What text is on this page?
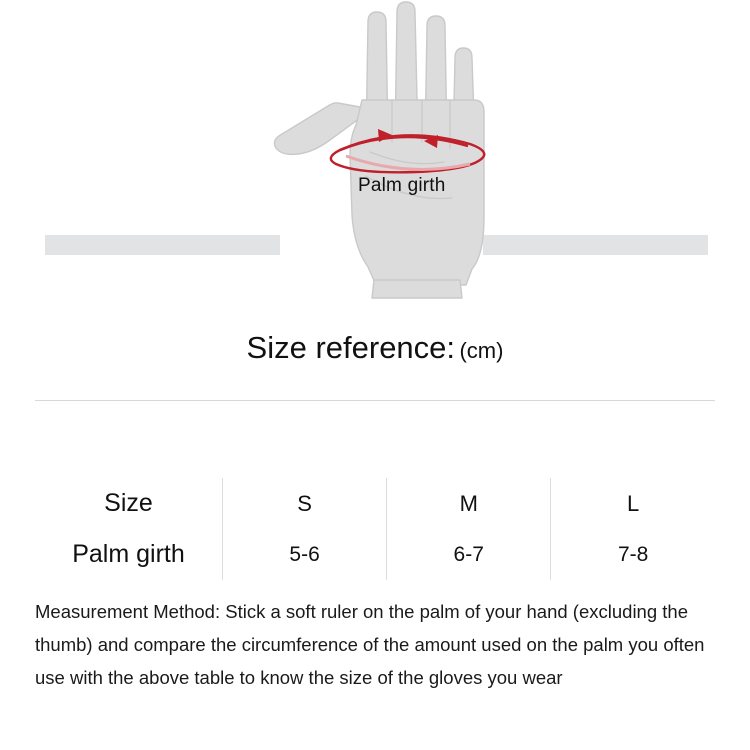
Palm girth
Size reference: (cm)
Size	S	M	L
Palm girth	5-6	6-7	7-8
Measurement Method: Stick a soft ruler on the palm of your hand (excluding the thumb) and compare the circumference of the amount used on the palm you often use with the above table to know the size of the gloves you wear
